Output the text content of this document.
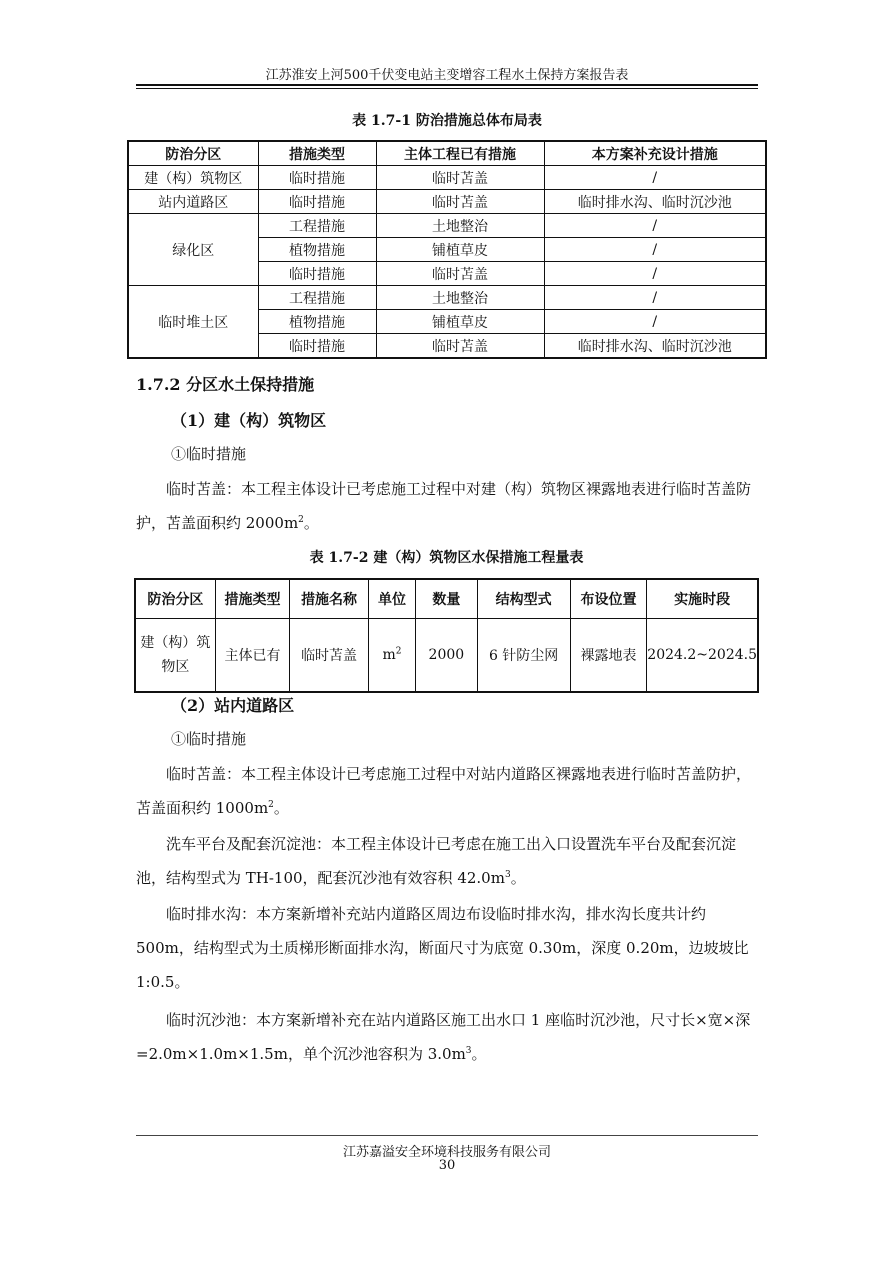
江苏淮安上河500千伏变电站主变增容工程水土保持方案报告表
表 1.7-1 防治措施总体布局表
防治分区	措施类型	主体工程已有措施	本方案补充设计措施
建（构）筑物区	临时措施	临时苫盖	/
站内道路区	临时措施	临时苫盖	临时排水沟、临时沉沙池
绿化区	工程措施	土地整治	/
	植物措施	铺植草皮	/
	临时措施	临时苫盖	/
临时堆土区	工程措施	土地整治	/
	植物措施	铺植草皮	/
	临时措施	临时苫盖	临时排水沟、临时沉沙池
1.7.2 分区水土保持措施
（1）建（构）筑物区
①临时措施
临时苫盖：本工程主体设计已考虑施工过程中对建（构）筑物区裸露地表进行临时苫盖防护，苫盖面积约 $2000m^2$。
表 1.7-2 建（构）筑物区水保措施工程量表
防治分区	措施类型	措施名称	单位	数量	结构型式	布设位置	实施时段
建（构）筑物区	主体已有	临时苫盖	$m^2$	2000	6 针防尘网	裸露地表	2024.2~2024.5
（2）站内道路区
①临时措施
临时苫盖：本工程主体设计已考虑施工过程中对站内道路区裸露地表进行临时苫盖防护，苫盖面积约 $1000m^2$。
洗车平台及配套沉淀池：本工程主体设计已考虑在施工出入口设置洗车平台及配套沉淀池，结构型式为 TH-100，配套沉沙池有效容积 $42.0m^3$。
临时排水沟：本方案新增补充站内道路区周边布设临时排水沟，排水沟长度共计约 500m，结构型式为土质梯形断面排水沟，断面尺寸为底宽 0.30m，深度 0.20m，边坡坡比 1:0.5。
临时沉沙池：本方案新增补充在站内道路区施工出水口 1 座临时沉沙池，尺寸长×宽×深=2.0m×1.0m×1.5m，单个沉沙池容积为 $3.0m^3$。
江苏嘉溢安全环境科技服务有限公司
30
